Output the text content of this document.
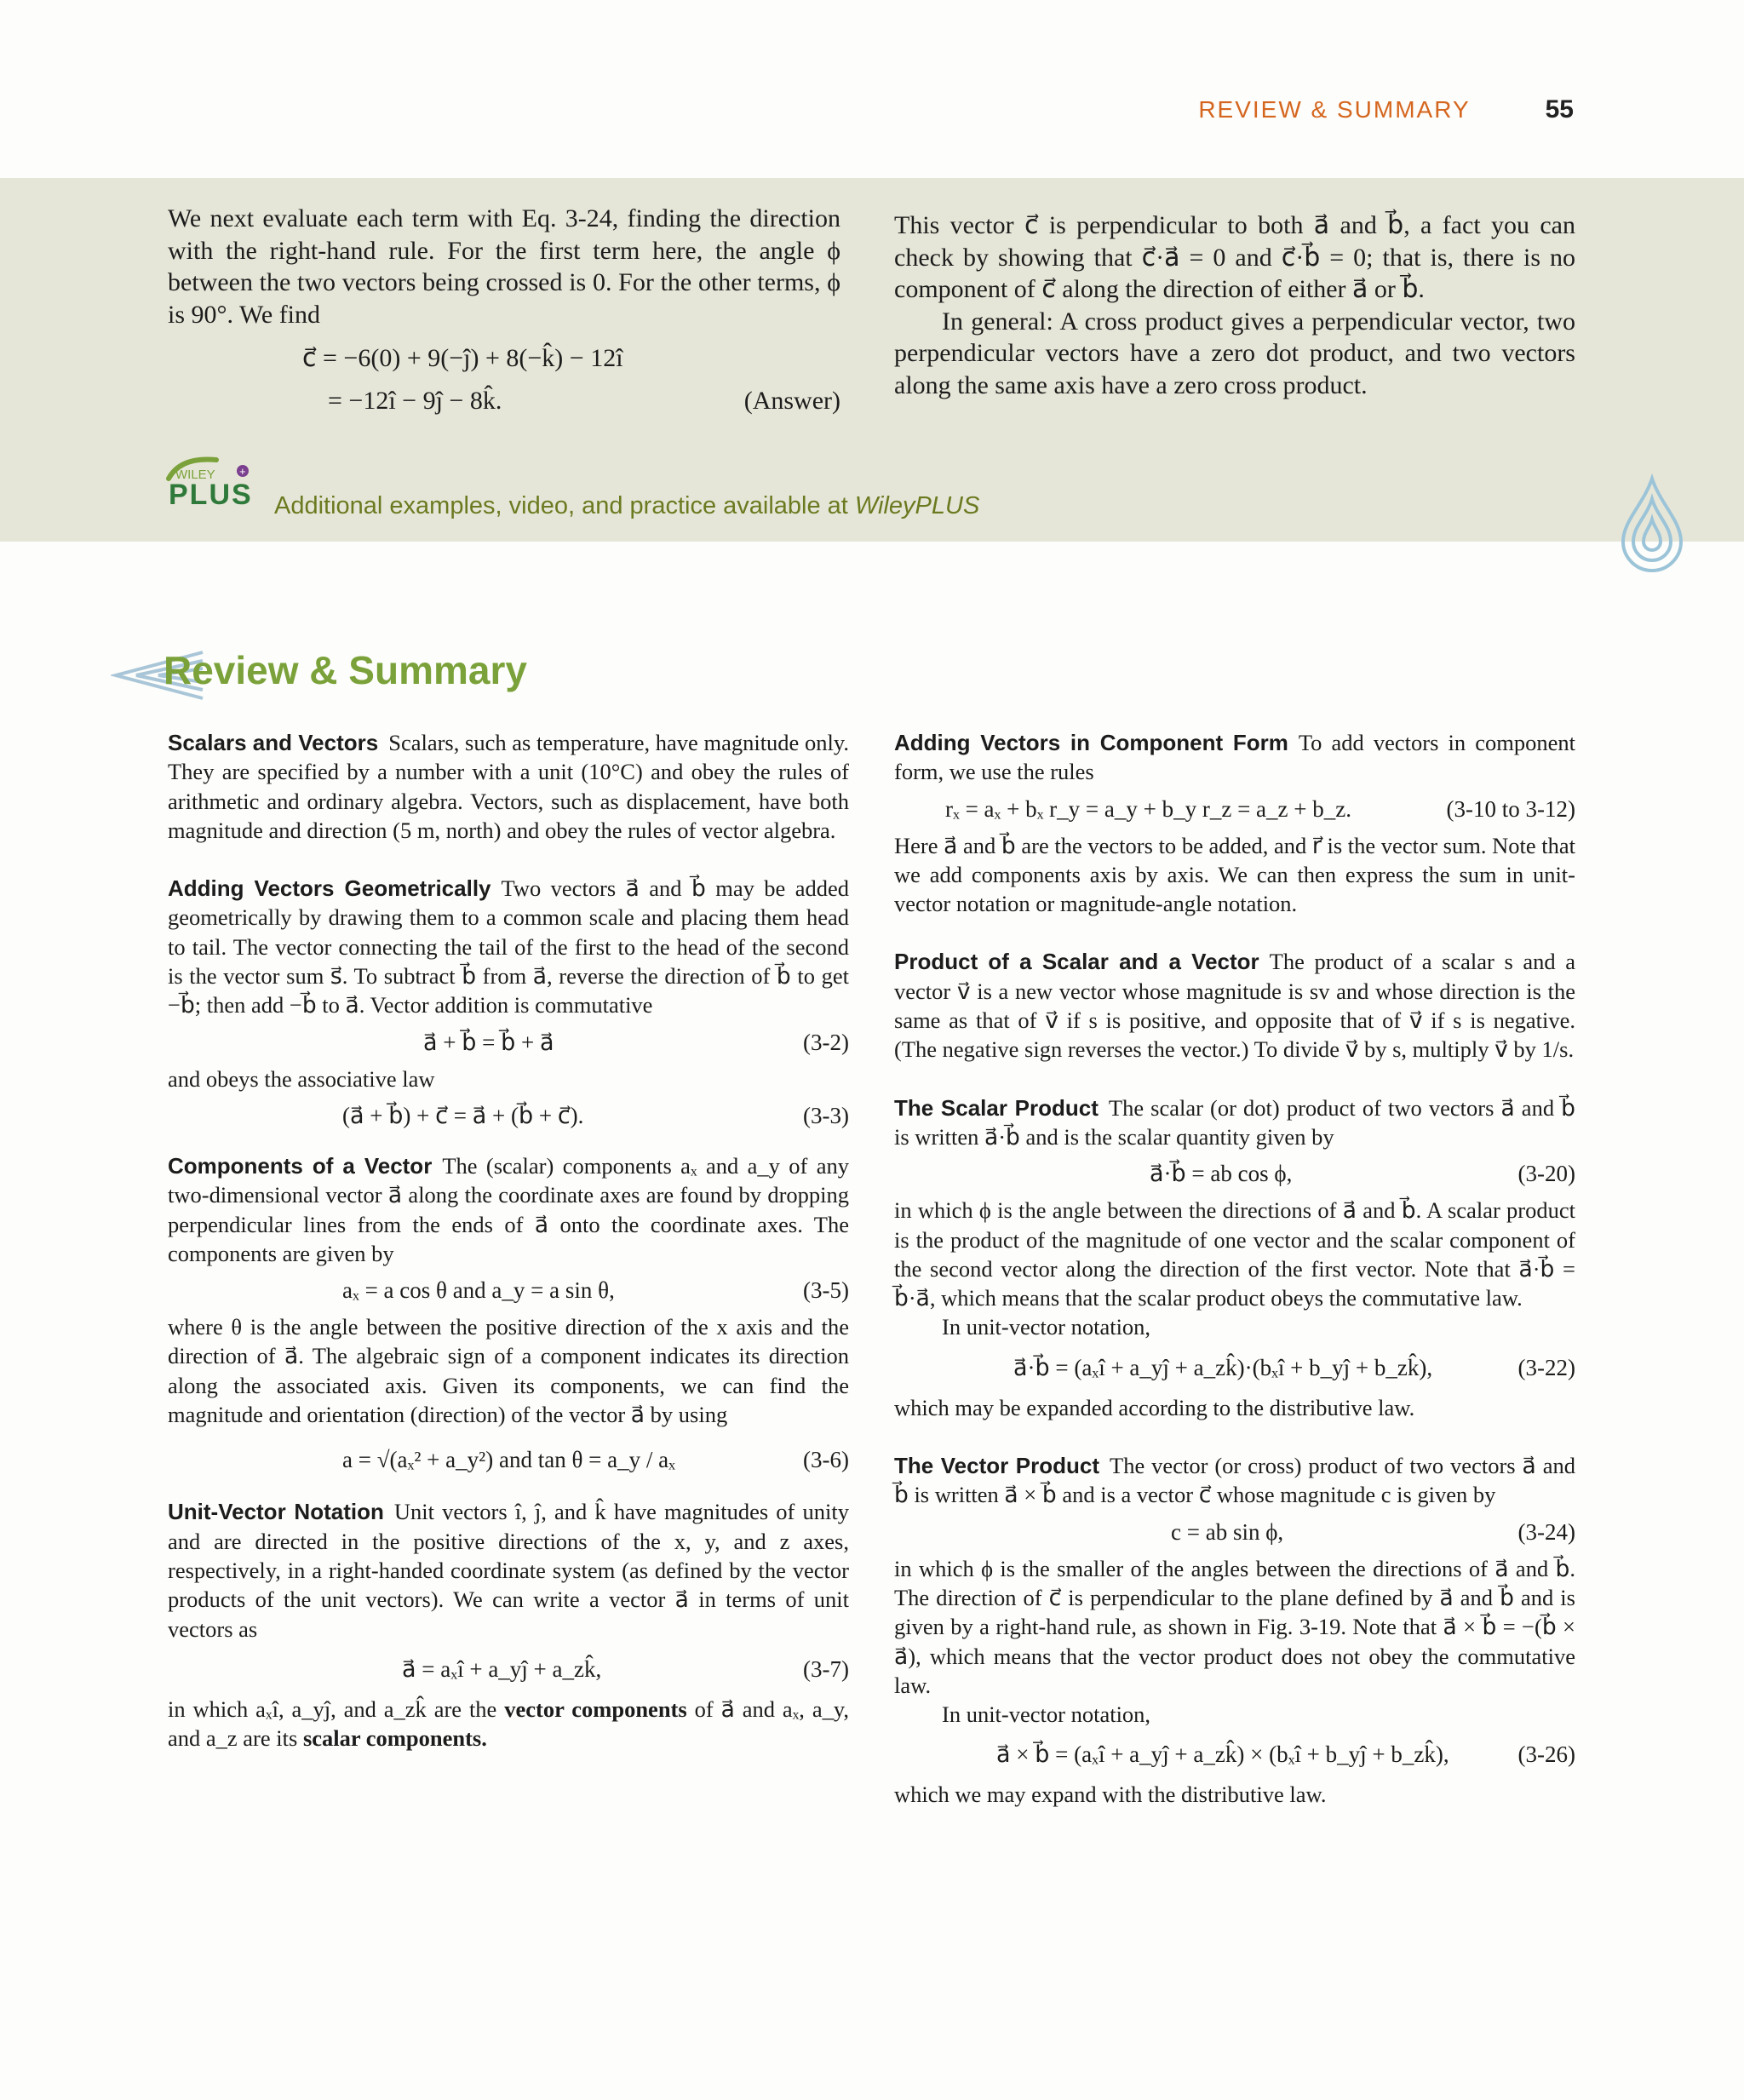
REVIEW & SUMMARY	55

We next evaluate each term with Eq. 3-24, finding the direction with the right-hand rule. For the first term here, the angle ϕ between the two vectors being crossed is 0. For the other terms, ϕ is 90°. We find

c⃗ = −6(0) + 9(−ĵ) + 8(−k̂) − 12î
= −12î − 9ĵ − 8k̂.	(Answer)

This vector c⃗ is perpendicular to both a⃗ and b⃗, a fact you can check by showing that c⃗·a⃗ = 0 and c⃗·b⃗ = 0; that is, there is no component of c⃗ along the direction of either a⃗ or b⃗.

In general: A cross product gives a perpendicular vector, two perpendicular vectors have a zero dot product, and two vectors along the same axis have a zero cross product.

WILEY +
PLUS Additional examples, video, and practice available at WileyPLUS
Review & Summary

Scalars and Vectors Scalars, such as temperature, have magnitude only. They are specified by a number with a unit (10°C) and obey the rules of arithmetic and ordinary algebra. Vectors, such as displacement, have both magnitude and direction (5 m, north) and obey the rules of vector algebra.

Adding Vectors Geometrically Two vectors a⃗ and b⃗ may be added geometrically by drawing them to a common scale and placing them head to tail. The vector connecting the tail of the first to the head of the second is the vector sum s⃗. To subtract b⃗ from a⃗, reverse the direction of b⃗ to get −b⃗; then add −b⃗ to a⃗. Vector addition is commutative

a⃗ + b⃗ = b⃗ + a⃗	(3-2)

and obeys the associative law

(a⃗ + b⃗) + c⃗ = a⃗ + (b⃗ + c⃗).	(3-3)

Components of a Vector The (scalar) components aₓ and a_y of any two-dimensional vector a⃗ along the coordinate axes are found by dropping perpendicular lines from the ends of a⃗ onto the coordinate axes. The components are given by

aₓ = a cos θ and a_y = a sin θ,	(3-5)

where θ is the angle between the positive direction of the x axis and the direction of a⃗. The algebraic sign of a component indicates its direction along the associated axis. Given its components, we can find the magnitude and orientation (direction) of the vector a⃗ by using

a = √(aₓ² + a_y²) and tan θ = a_y / aₓ	(3-6)

Unit-Vector Notation Unit vectors î, ĵ, and k̂ have magnitudes of unity and are directed in the positive directions of the x, y, and z axes, respectively, in a right-handed coordinate system (as defined by the vector products of the unit vectors). We can write a vector a⃗ in terms of unit vectors as

a⃗ = aₓî + a_yĵ + a_zk̂,	(3-7)

in which aₓî, a_yĵ, and a_zk̂ are the vector components of a⃗ and aₓ, a_y, and a_z are its scalar components.

Adding Vectors in Component Form To add vectors in component form, we use the rules

rₓ = aₓ + bₓ r_y = a_y + b_y r_z = a_z + b_z.	(3-10 to 3-12)

Here a⃗ and b⃗ are the vectors to be added, and r⃗ is the vector sum. Note that we add components axis by axis. We can then express the sum in unit-vector notation or magnitude-angle notation.

Product of a Scalar and a Vector The product of a scalar s and a vector v⃗ is a new vector whose magnitude is sv and whose direction is the same as that of v⃗ if s is positive, and opposite that of v⃗ if s is negative. (The negative sign reverses the vector.) To divide v⃗ by s, multiply v⃗ by 1/s.

The Scalar Product The scalar (or dot) product of two vectors a⃗ and b⃗ is written a⃗·b⃗ and is the scalar quantity given by

a⃗·b⃗ = ab cos ϕ,	(3-20)

in which ϕ is the angle between the directions of a⃗ and b⃗. A scalar product is the product of the magnitude of one vector and the scalar component of the second vector along the direction of the first vector. Note that a⃗·b⃗ = b⃗·a⃗, which means that the scalar product obeys the commutative law.

In unit-vector notation,

a⃗·b⃗ = (aₓî + a_yĵ + a_zk̂)·(bₓî + b_yĵ + b_zk̂),	(3-22)

which may be expanded according to the distributive law.

The Vector Product The vector (or cross) product of two vectors a⃗ and b⃗ is written a⃗ × b⃗ and is a vector c⃗ whose magnitude c is given by

c = ab sin ϕ,	(3-24)

in which ϕ is the smaller of the angles between the directions of a⃗ and b⃗. The direction of c⃗ is perpendicular to the plane defined by a⃗ and b⃗ and is given by a right-hand rule, as shown in Fig. 3-19. Note that a⃗ × b⃗ = −(b⃗ × a⃗), which means that the vector product does not obey the commutative law.

In unit-vector notation,

a⃗ × b⃗ = (aₓî + a_yĵ + a_zk̂) × (bₓî + b_yĵ + b_zk̂),	(3-26)

which we may expand with the distributive law.
